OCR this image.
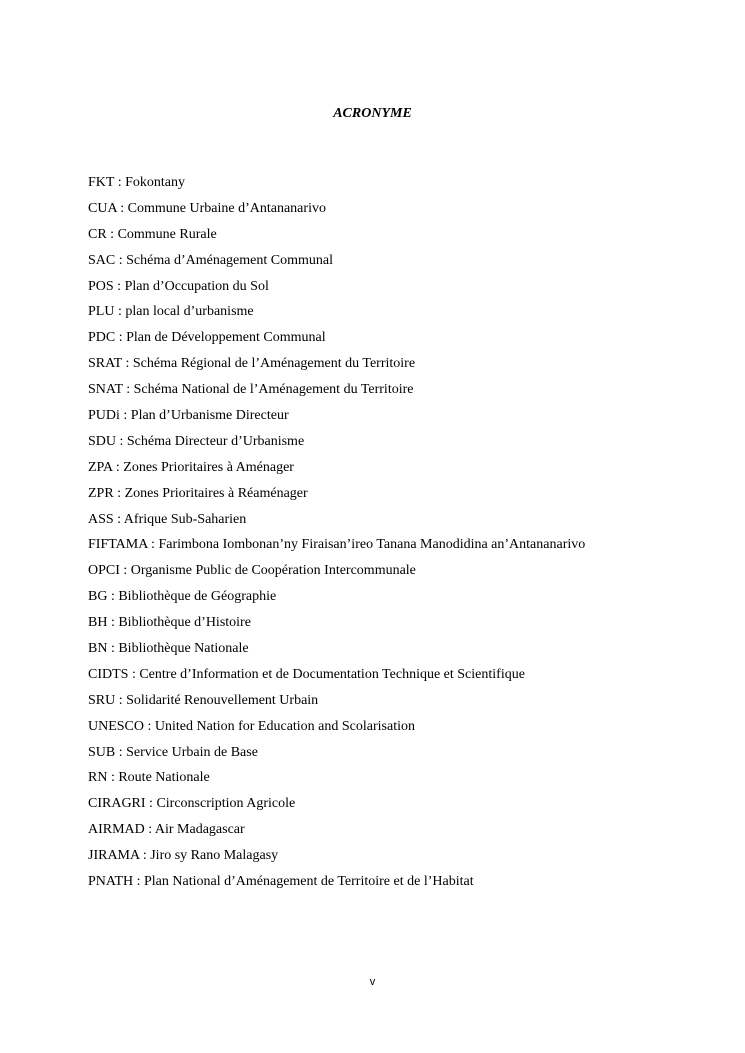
ACRONYME
FKT : Fokontany
CUA : Commune Urbaine d’Antananarivo
CR : Commune Rurale
SAC : Schéma d’Aménagement Communal
POS : Plan d’Occupation du Sol
PLU : plan local d’urbanisme
PDC : Plan de Développement Communal
SRAT : Schéma Régional de l’Aménagement du Territoire
SNAT : Schéma National de l’Aménagement du Territoire
PUDi : Plan d’Urbanisme Directeur
SDU : Schéma Directeur d’Urbanisme
ZPA : Zones Prioritaires à Aménager
ZPR : Zones Prioritaires à Réaménager
ASS : Afrique Sub-Saharien
FIFTAMA : Farimbona Iombonan’ny Firaisan’ireo Tanana Manodidina an’Antananarivo
OPCI : Organisme Public de Coopération Intercommunale
BG : Bibliothèque de Géographie
BH : Bibliothèque d’Histoire
BN : Bibliothèque Nationale
CIDTS : Centre d’Information et de Documentation Technique et Scientifique
SRU : Solidarité Renouvellement Urbain
UNESCO : United Nation for Education and Scolarisation
SUB : Service Urbain de Base
RN : Route Nationale
CIRAGRI : Circonscription Agricole
AIRMAD : Air Madagascar
JIRAMA : Jiro sy Rano Malagasy
PNATH : Plan National d’Aménagement de Territoire et de l’Habitat
v
